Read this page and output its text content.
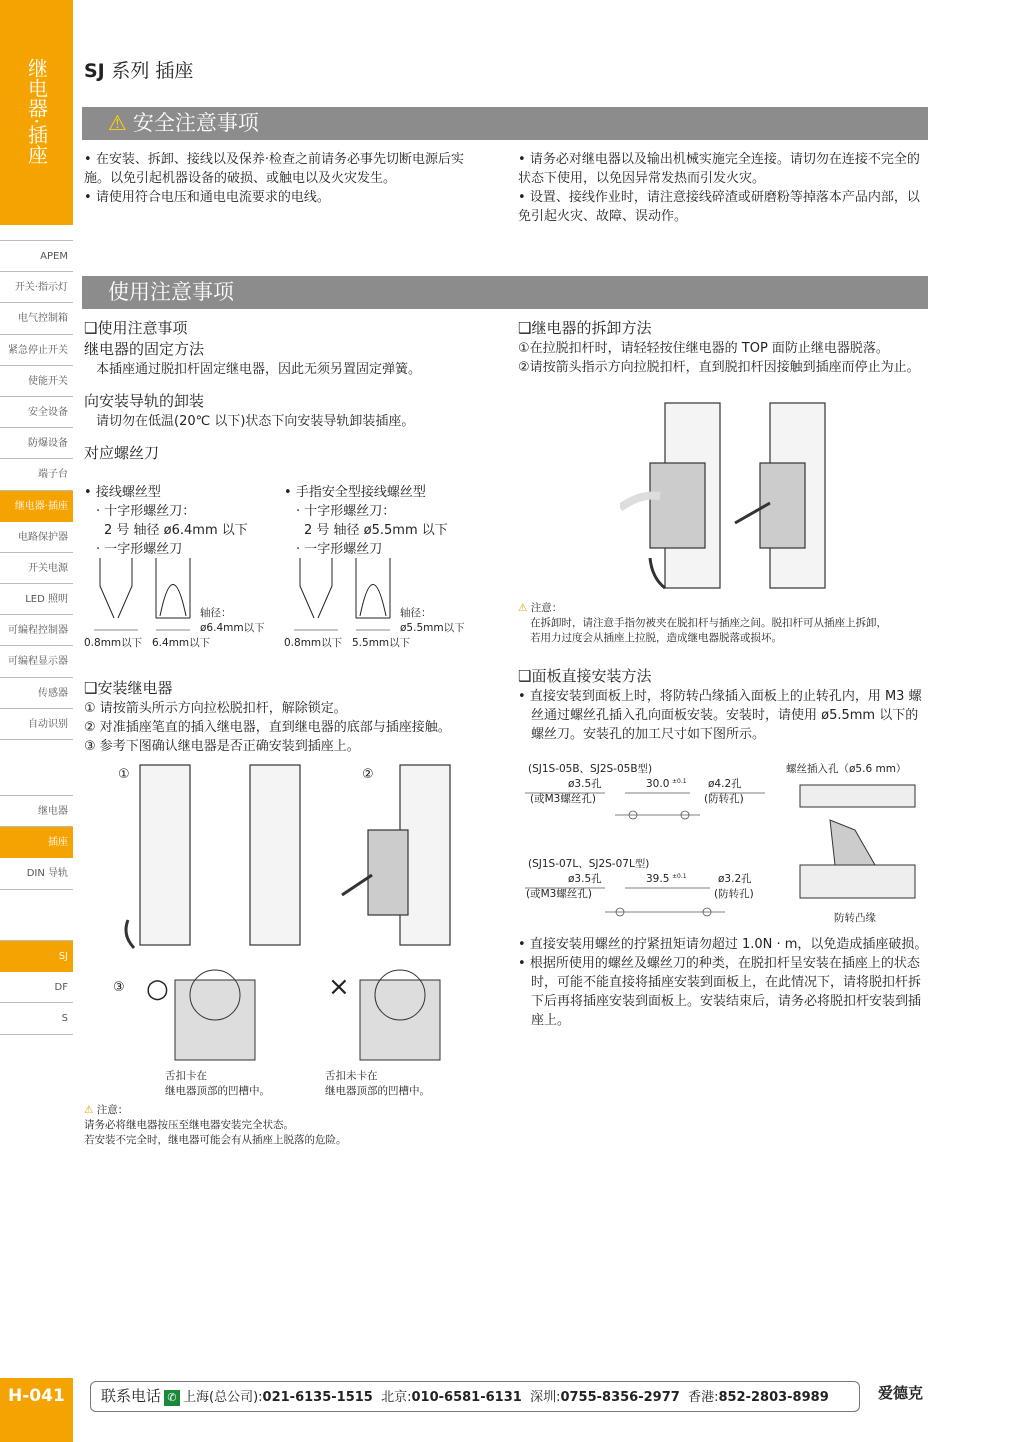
继电器·插座
APEM
开关·指示灯
电气控制箱
紧急停止开关
使能开关
安全设备
防爆设备
端子台
继电器·插座
电路保护器
开关电源
LED 照明
可编程控制器
可编程显示器
传感器
自动识别
继电器
插座
DIN 导轨
SJ
DF
S
SJ 系列 插座
⚠ 安全注意事项
• 在安装、拆卸、接线以及保养·检查之前请务必事先切断电源后实施。以免引起机器设备的破损、或触电以及火灾发生。
• 请使用符合电压和通电电流要求的电线。
• 请务必对继电器以及输出机械实施完全连接。请切勿在连接不完全的状态下使用，以免因异常发热而引发火灾。
• 设置、接线作业时，请注意接线碎渣或研磨粉等掉落本产品内部，以免引起火灾、故障、误动作。
使用注意事项
❑使用注意事项
继电器的固定方法
本插座通过脱扣杆固定继电器，因此无须另置固定弹簧。
向安装导轨的卸装
请切勿在低温(20℃ 以下)状态下向安装导轨卸装插座。
对应螺丝刀
• 接线螺丝型
· 十字形螺丝刀：
2 号 轴径 ø6.4mm 以下
· 一字形螺丝刀
• 手指安全型接线螺丝型
· 十字形螺丝刀：
2 号 轴径 ø5.5mm 以下
· 一字形螺丝刀
轴径：
ø6.4mm以下
轴径：
ø5.5mm以下
0.8mm以下 6.4mm以下	0.8mm以下 5.5mm以下
❑安装继电器
① 请按箭头所示方向拉松脱扣杆，解除锁定。
② 对准插座笔直的插入继电器，直到继电器的底部与插座接触。
③ 参考下图确认继电器是否正确安装到插座上。
①	②
③ ○	×
舌扣卡在
继电器顶部的凹槽中。
舌扣未卡在
继电器顶部的凹槽中。
⚠ 注意：
请务必将继电器按压至继电器安装完全状态。
若安装不完全时，继电器可能会有从插座上脱落的危险。
❑继电器的拆卸方法
①在拉脱扣杆时，请轻轻按住继电器的 TOP 面防止继电器脱落。
②请按箭头指示方向拉脱扣杆，直到脱扣杆因接触到插座而停止为止。
⚠ 注意：
在拆卸时，请注意手指勿被夹在脱扣杆与插座之间。脱扣杆可从插座上拆卸，
若用力过度会从插座上拉脱，造成继电器脱落或损坏。
❑面板直接安装方法
• 直接安装到面板上时，将防转凸缘插入面板上的止转孔内，用 M3 螺丝通过螺丝孔插入孔向面板安装。安装时，请使用 ø5.5mm 以下的螺丝刀。安装孔的加工尺寸如下图所示。
(SJ1S-05B、SJ2S-05B型)
ø3.5孔
(或M3螺丝孔)
30.0 ±0.1 ø4.2孔
(防转孔)
(SJ1S-07L、SJ2S-07L型)
ø3.5孔
(或M3螺丝孔)
39.5 ±0.1	ø3.2孔
(防转孔)
螺丝插入孔（ø5.6 mm）
防转凸缘
• 直接安装用螺丝的拧紧扭矩请勿超过 1.0N · m，以免造成插座破损。
• 根据所使用的螺丝及螺丝刀的种类，在脱扣杆呈安装在插座上的状态时，可能不能直接将插座安装到面板上，在此情况下，请将脱扣杆拆下后再将插座安装到面板上。安装结束后，请务必将脱扣杆安装到插座上。
H-041	联系电话 ✆ 上海(总公司):021-6135-1515 北京:010-6581-6131 深圳:0755-8356-2977 香港:852-2803-8989	爱德克
